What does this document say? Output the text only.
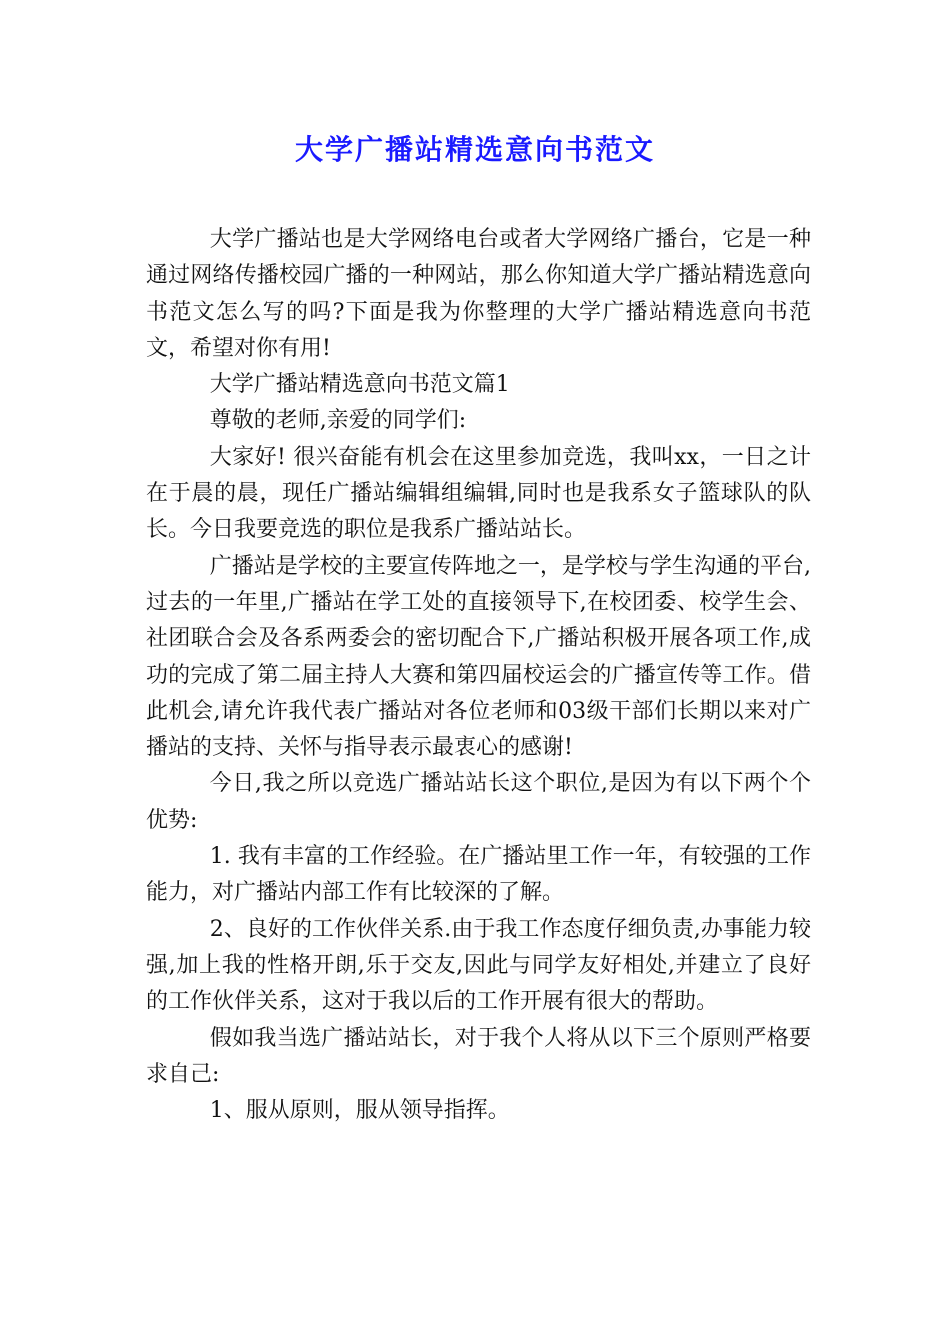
大学广播站精选意向书范文

大学广播站也是大学网络电台或者大学网络广播台，它是一种通过网络传播校园广播的一种网站，那么你知道大学广播站精选意向书范文怎么写的吗?下面是我为你整理的大学广播站精选意向书范文，希望对你有用!

大学广播站精选意向书范文篇1

尊敬的老师,亲爱的同学们:

大家好! 很兴奋能有机会在这里参加竞选，我叫xx，一日之计在于晨的晨，现任广播站编辑组编辑,同时也是我系女子篮球队的队长。今日我要竞选的职位是我系广播站站长。

广播站是学校的主要宣传阵地之一，是学校与学生沟通的平台,过去的一年里,广播站在学工处的直接领导下,在校团委、校学生会、社团联合会及各系两委会的密切配合下,广播站积极开展各项工作,成功的完成了第二届主持人大赛和第四届校运会的广播宣传等工作。借此机会,请允许我代表广播站对各位老师和03级干部们长期以来对广播站的支持、关怀与指导表示最衷心的感谢!

今日,我之所以竞选广播站站长这个职位,是因为有以下两个个优势:

1. 我有丰富的工作经验。在广播站里工作一年，有较强的工作能力，对广播站内部工作有比较深的了解。

2、良好的工作伙伴关系.由于我工作态度仔细负责,办事能力较强,加上我的性格开朗,乐于交友,因此与同学友好相处,并建立了良好的工作伙伴关系，这对于我以后的工作开展有很大的帮助。

假如我当选广播站站长，对于我个人将从以下三个原则严格要求自己:

1、服从原则，服从领导指挥。
